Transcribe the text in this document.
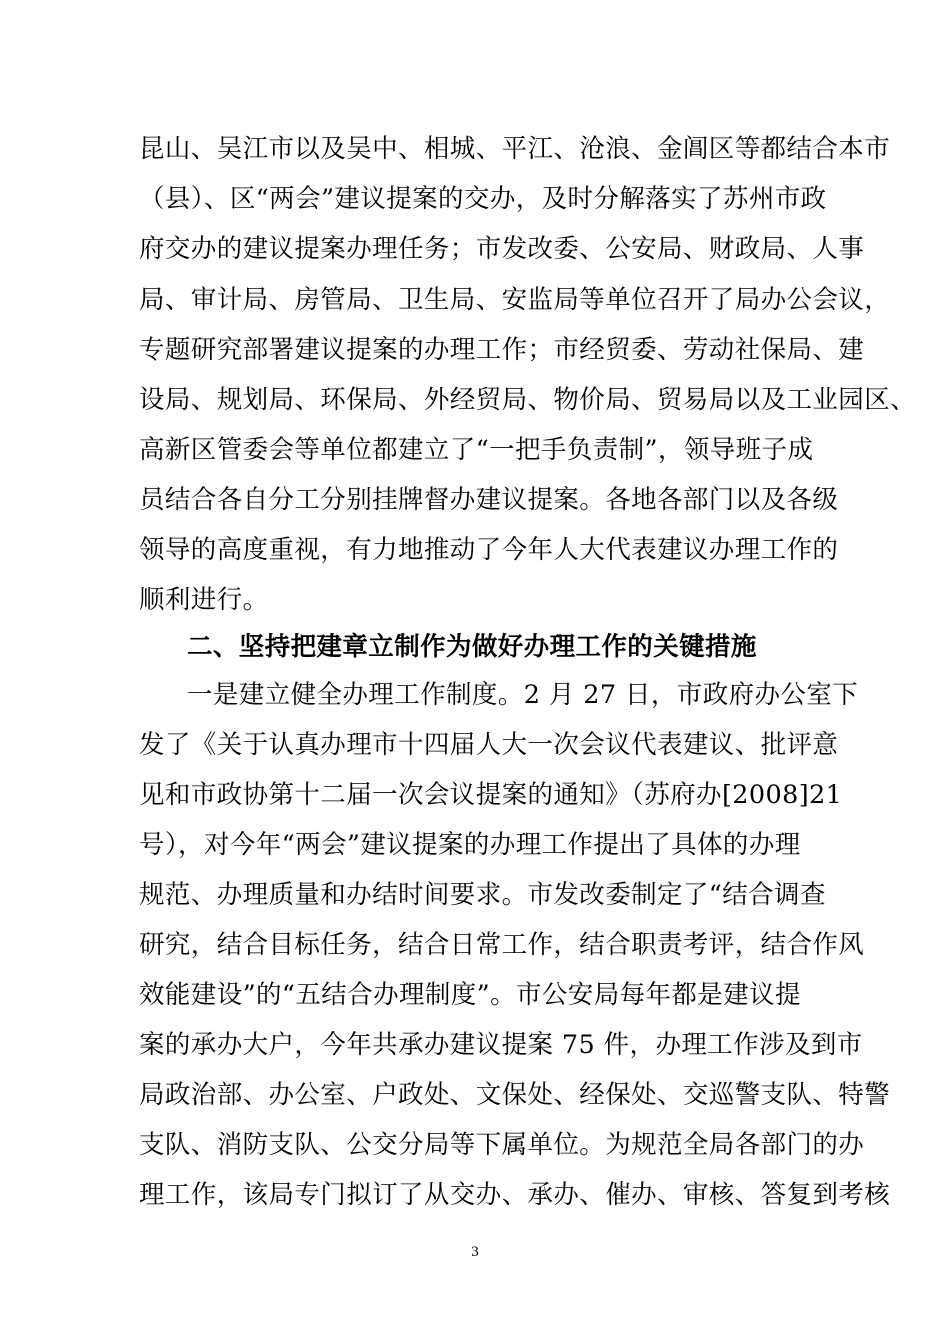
昆山、吴江市以及吴中、相城、平江、沧浪、金阊区等都结合本市
（县）、区“两会”建议提案的交办，及时分解落实了苏州市政
府交办的建议提案办理任务；市发改委、公安局、财政局、人事
局、审计局、房管局、卫生局、安监局等单位召开了局办公会议，
专题研究部署建议提案的办理工作；市经贸委、劳动社保局、建
设局、规划局、环保局、外经贸局、物价局、贸易局以及工业园区、
高新区管委会等单位都建立了“一把手负责制”，领导班子成
员结合各自分工分别挂牌督办建议提案。各地各部门以及各级
领导的高度重视，有力地推动了今年人大代表建议办理工作的
顺利进行。
二、坚持把建章立制作为做好办理工作的关键措施
一是建立健全办理工作制度。2 月 27 日，市政府办公室下
发了《关于认真办理市十四届人大一次会议代表建议、批评意
见和市政协第十二届一次会议提案的通知》（苏府办[2008]21
号），对今年“两会”建议提案的办理工作提出了具体的办理
规范、办理质量和办结时间要求。市发改委制定了“结合调查
研究，结合目标任务，结合日常工作，结合职责考评，结合作风
效能建设”的“五结合办理制度”。市公安局每年都是建议提
案的承办大户，今年共承办建议提案 75 件，办理工作涉及到市
局政治部、办公室、户政处、文保处、经保处、交巡警支队、特警
支队、消防支队、公交分局等下属单位。为规范全局各部门的办
理工作，该局专门拟订了从交办、承办、催办、审核、答复到考核
3
